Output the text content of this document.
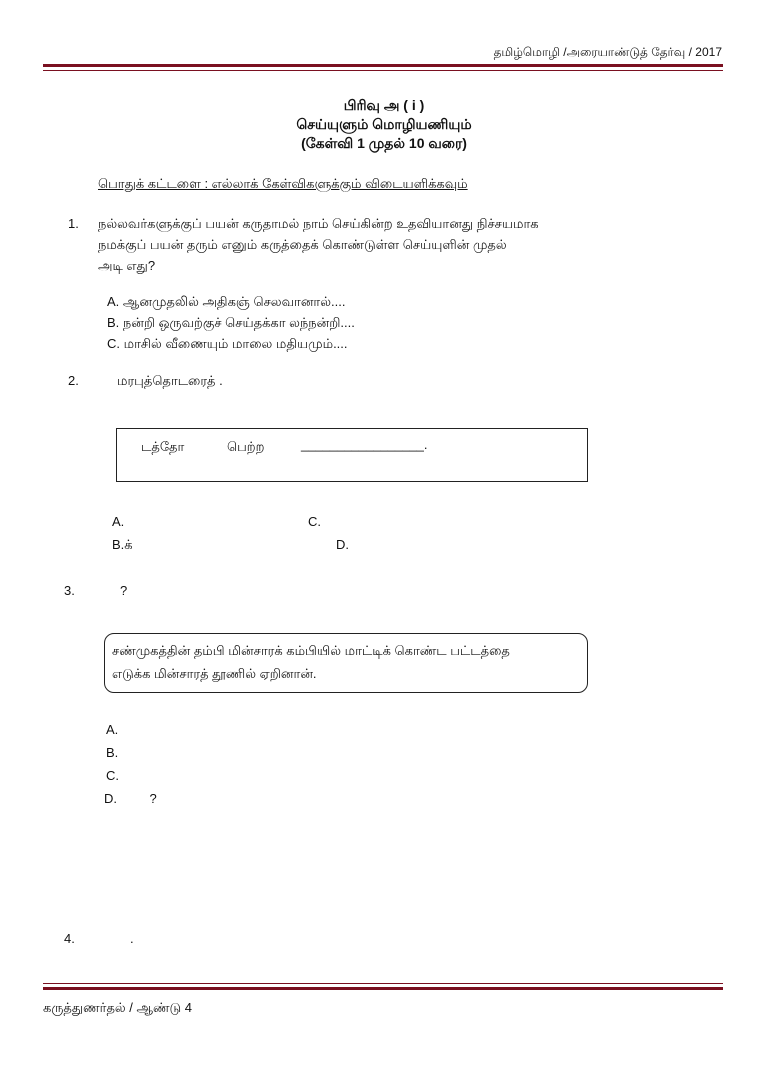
தமிழ்மொழி /அரையாண்டுத் தேர்வு / 2017
பிரிவு அ ( i )
செய்யுளும் மொழியணியும்
(கேள்வி 1 முதல் 10 வரை)
பொதுக் கட்டளை : எல்லாக் கேள்விகளுக்கும் விடையளிக்கவும்
1. நல்லவர்களுக்குப் பயன் கருதாமல் நாம் செய்கின்ற உதவியானது நிச்சயமாக
நமக்குப் பயன் தரும் எனும் கருத்தைக் கொண்டுள்ள செய்யுளின் முதல்
அடி எது?
A. ஆனமுதலில் அதிகஞ் செலவானால்....
B. நன்றி ஒருவற்குச் செய்தக்கா லந்நன்றி....
C. மாசில் வீணையும் மாலை மதியமும்....
2.	மரபுத்தொடரைத் .
டத்தோ	பெற்ற	_________________.
A.	C.
B.க்	D.
3.	?
சண்முகத்தின் தம்பி மின்சாரக் கம்பியில் மாட்டிக் கொண்ட பட்டத்தை
எடுக்க மின்சாரத் தூணில் ஏறினான்.
A.
B.
C.
D.         ?
4.	.
கருத்துணர்தல் / ஆண்டு 4
